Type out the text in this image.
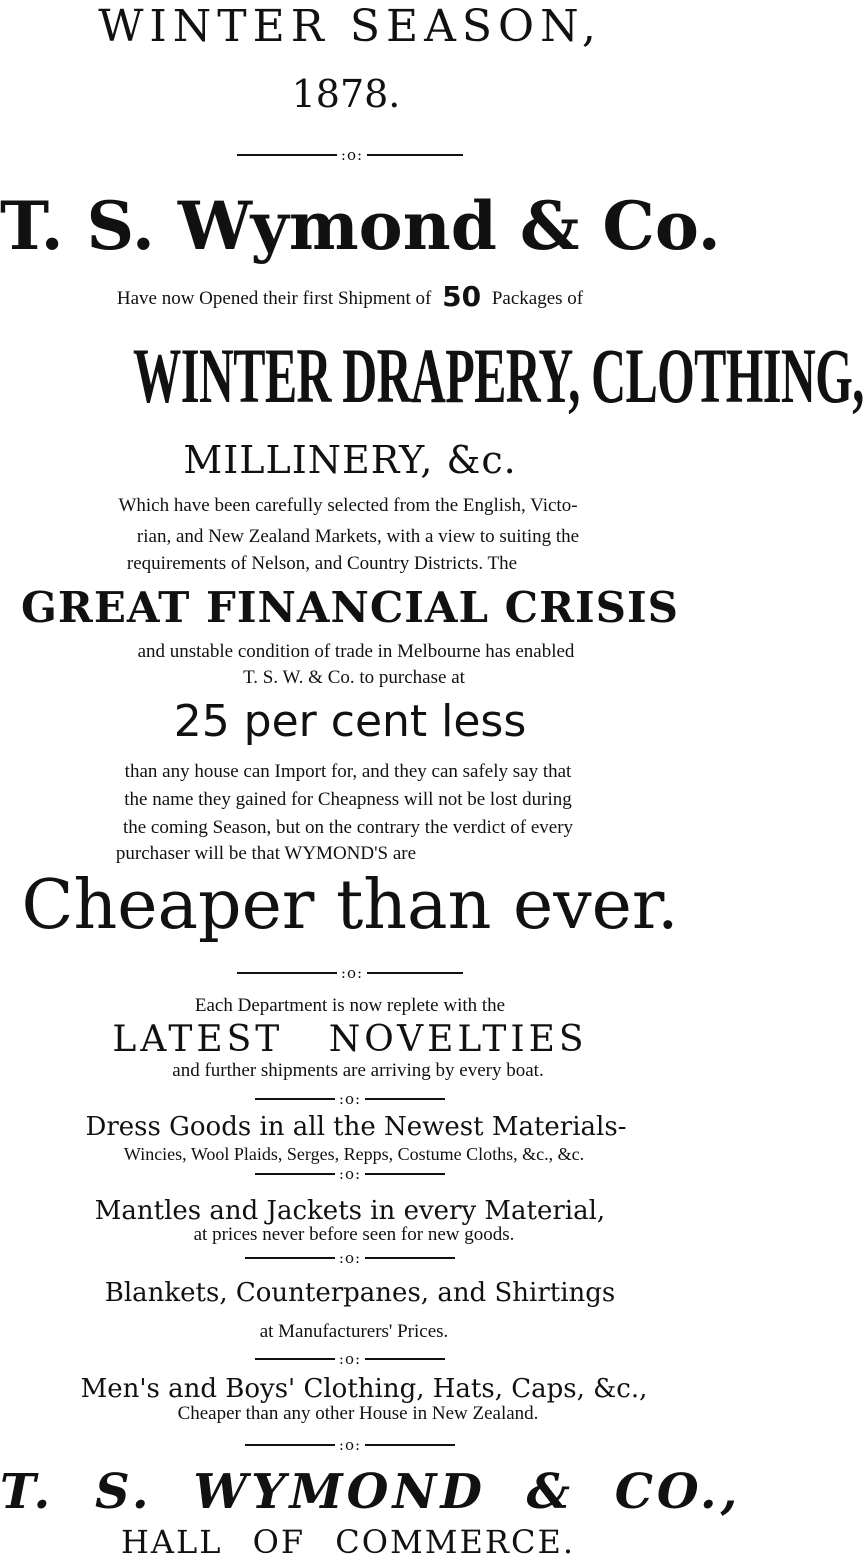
WINTER SEASON,
1878.
:o:
T. S. Wymond & Co.
Have now Opened their first Shipment of 50 Packages of
WINTER DRAPERY, CLOTHING,
MILLINERY, &c.
Which have been carefully selected from the English, Victo-
rian, and New Zealand Markets, with a view to suiting the
requirements of Nelson, and Country Districts. The
GREAT FINANCIAL CRISIS
and unstable condition of trade in Melbourne has enabled
T. S. W. & Co. to purchase at
25 per cent less
than any house can Import for, and they can safely say that
the name they gained for Cheapness will not be lost during
the coming Season, but on the contrary the verdict of every
purchaser will be that WYMOND'S are
Cheaper than ever.
:o:
Each Department is now replete with the
LATEST NOVELTIES
and further shipments are arriving by every boat.
:o:
Dress Goods in all the Newest Materials-
Wincies, Wool Plaids, Serges, Repps, Costume Cloths, &c., &c.
:o:
Mantles and Jackets in every Material,
at prices never before seen for new goods.
:o:
Blankets, Counterpanes, and Shirtings
at Manufacturers' Prices.
:o:
Men's and Boys' Clothing, Hats, Caps, &c.,
Cheaper than any other House in New Zealand.
:o:
T. S. WYMOND & CO.,
HALL OF COMMERCE.
